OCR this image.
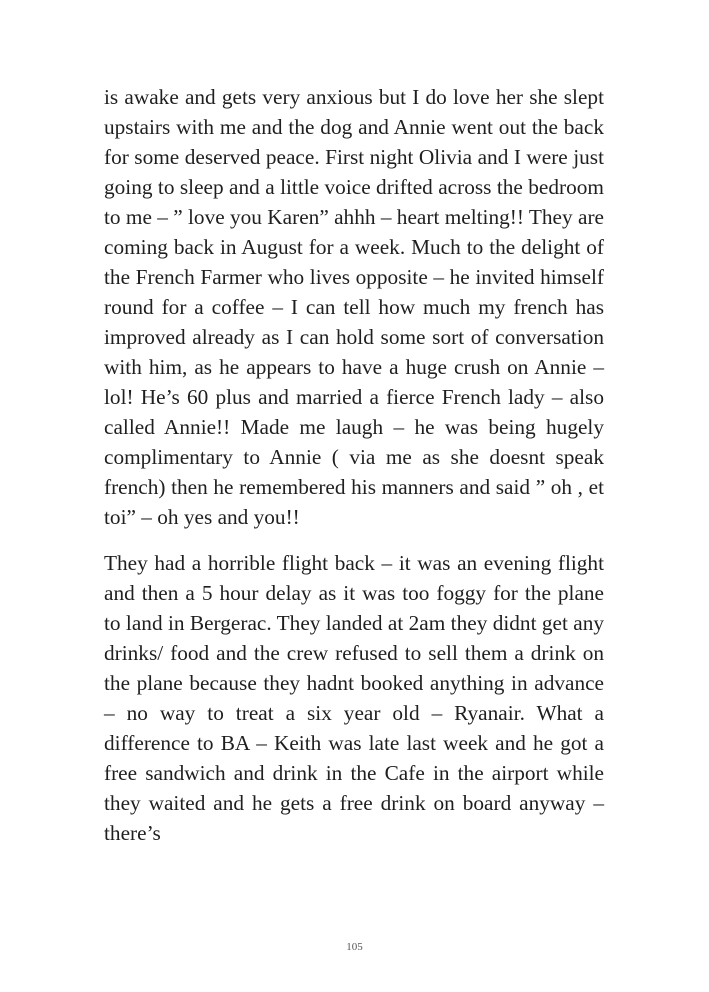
is awake and gets very anxious but I do love her she slept upstairs with me and the dog and Annie went out the back for some deserved peace. First night Olivia and I were just going to sleep and a little voice drifted across the bedroom to me – ” love you Karen” ahhh – heart melting!! They are coming back in August for a week. Much to the delight of the French Farmer who lives opposite – he invited himself round for a coffee – I can tell how much my french has improved already as I can hold some sort of conversation with him, as he appears to have a huge crush on Annie – lol! He’s 60 plus and married a fierce French lady – also called Annie!! Made me laugh – he was being hugely complimentary to Annie ( via me as she doesnt speak french) then he remembered his manners and said ” oh , et toi” – oh yes and you!!

They had a horrible flight back – it was an evening flight and then a 5 hour delay as it was too foggy for the plane to land in Bergerac. They landed at 2am they didnt get any drinks/ food and the crew refused to sell them a drink on the plane because they hadnt booked anything in advance – no way to treat a six year old – Ryanair. What a difference to BA – Keith was late last week and he got a free sandwich and drink in the Cafe in the airport while they waited and he gets a free drink on board anyway – there’s

105
